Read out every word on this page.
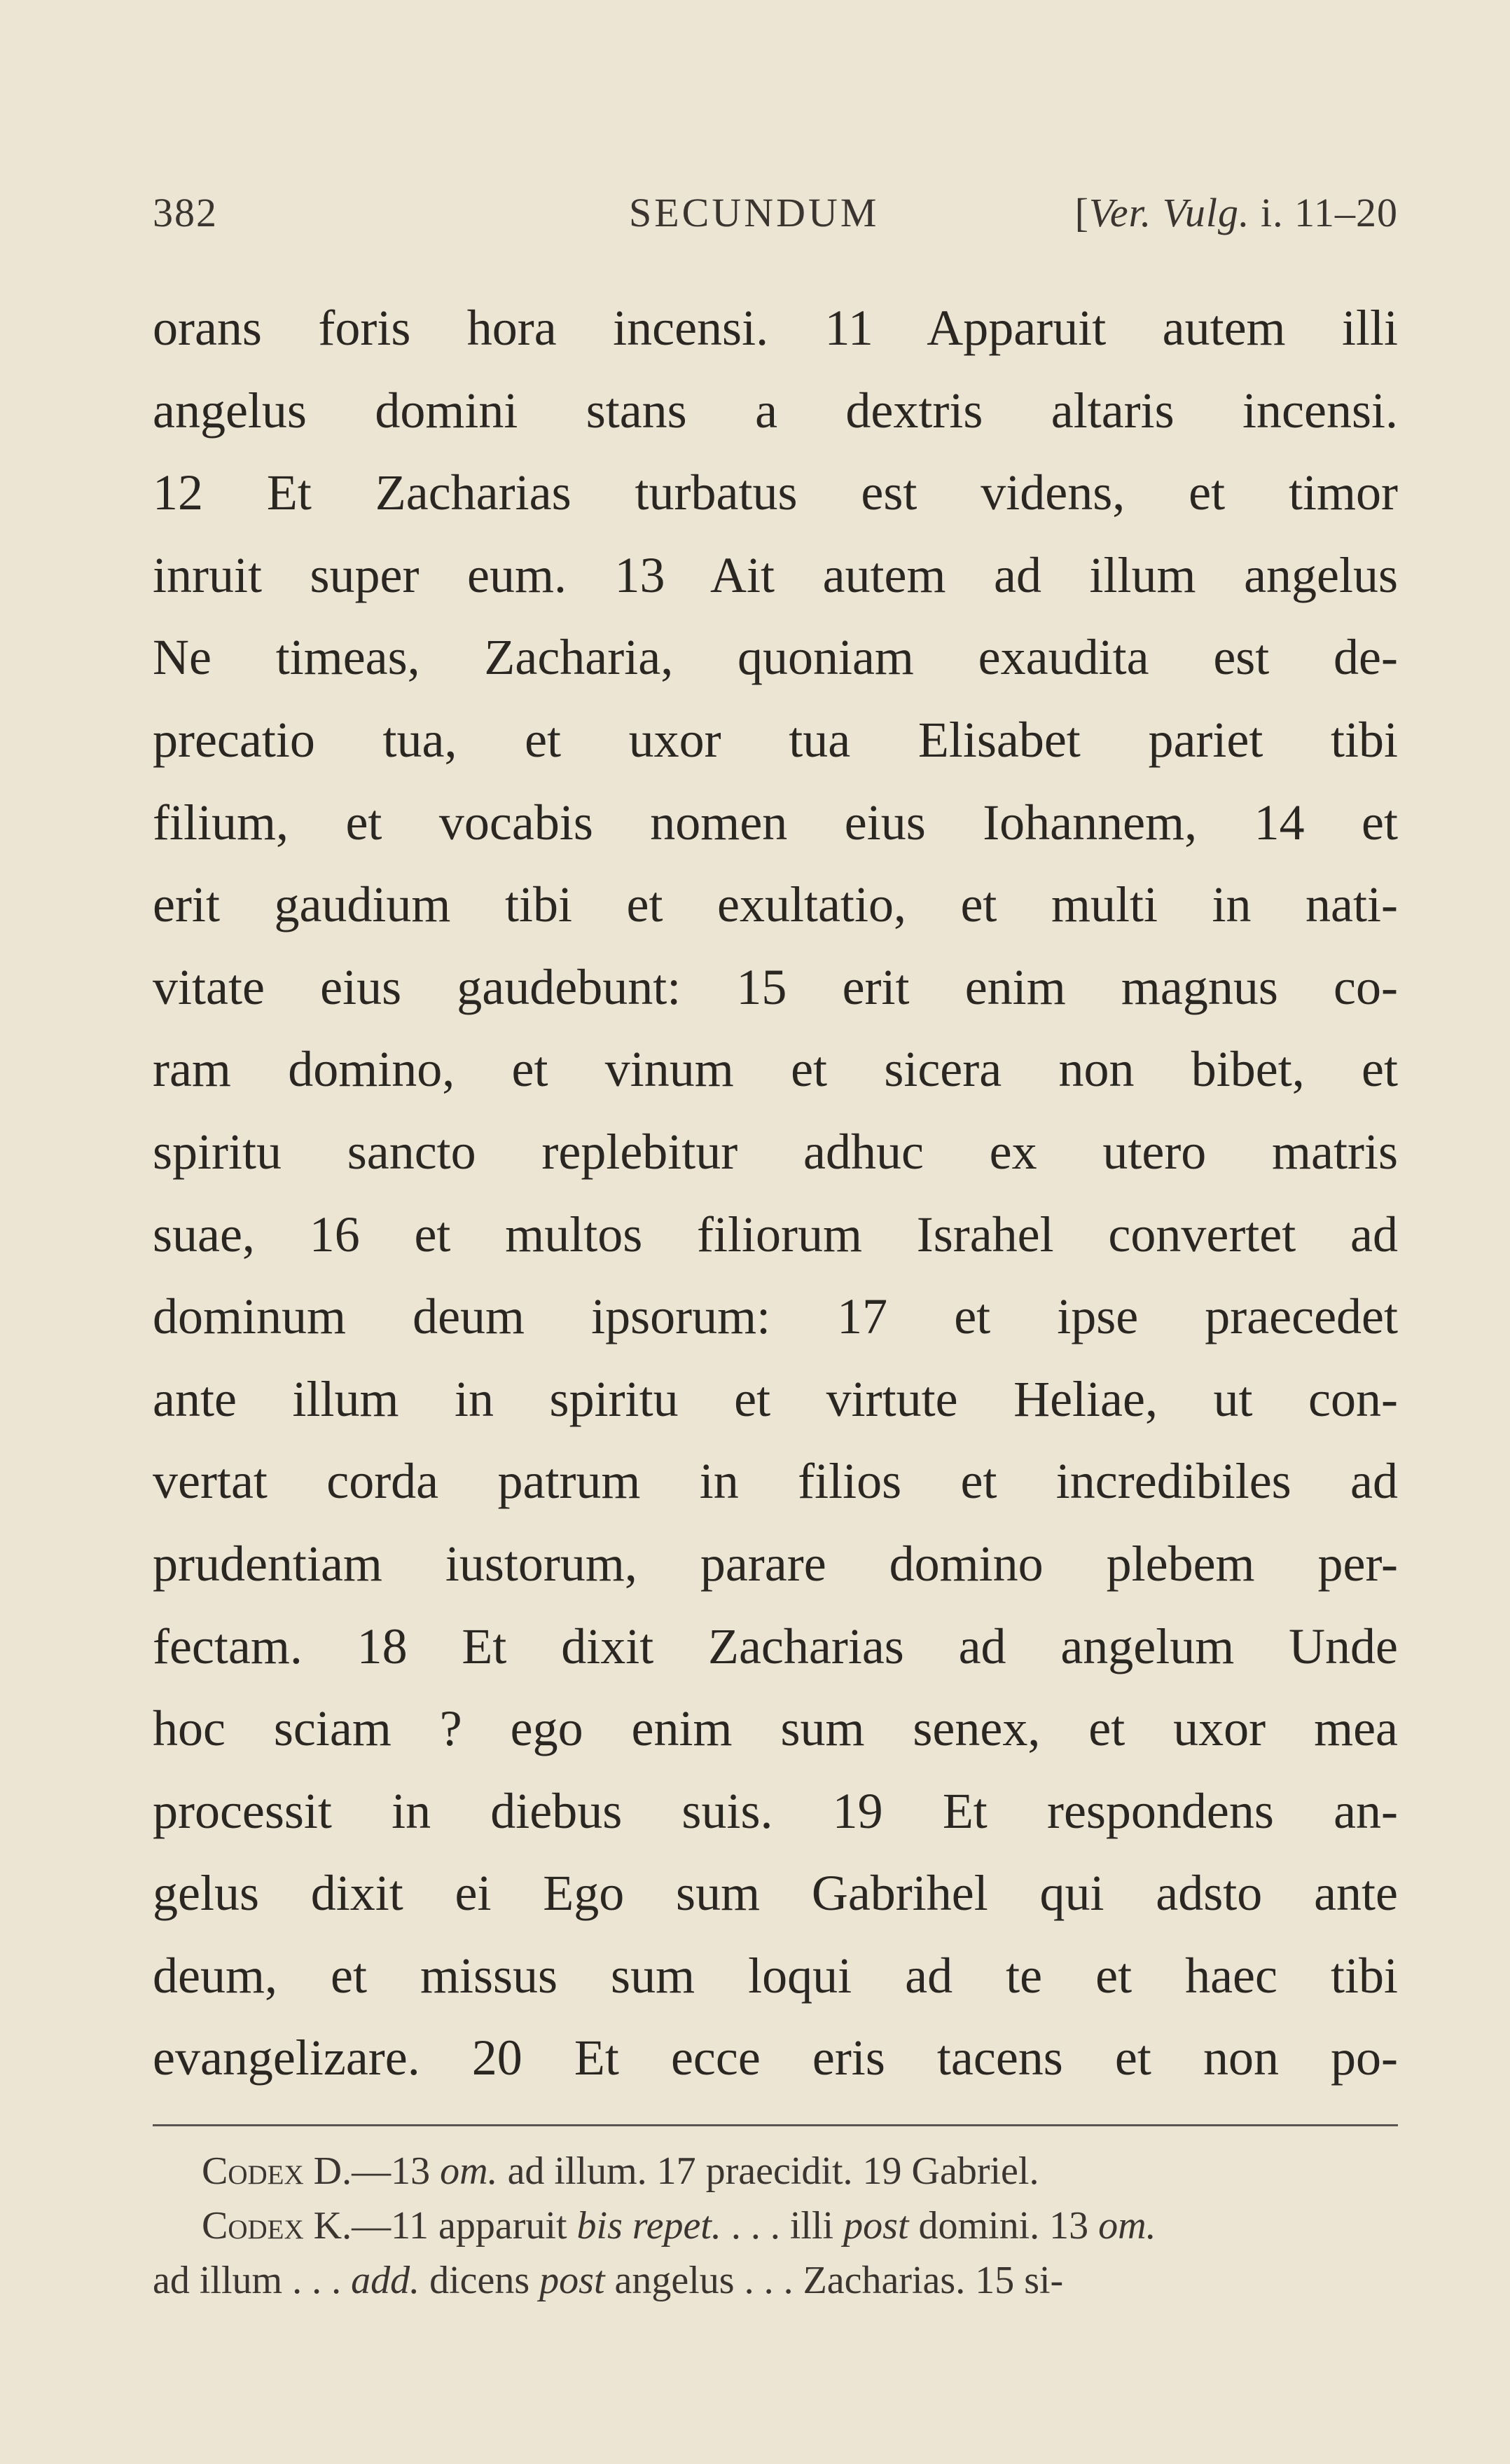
382	SECUNDUM	[Ver. Vulg. i. 11–20
orans foris hora incensi. 11 Apparuit autem illi
angelus domini stans a dextris altaris incensi.
12 Et Zacharias turbatus est videns, et timor
inruit super eum. 13 Ait autem ad illum angelus
Ne timeas, Zacharia, quoniam exaudita est de-
precatio tua, et uxor tua Elisabet pariet tibi
filium, et vocabis nomen eius Iohannem, 14 et
erit gaudium tibi et exultatio, et multi in nati-
vitate eius gaudebunt: 15 erit enim magnus co-
ram domino, et vinum et sicera non bibet, et
spiritu sancto replebitur adhuc ex utero matris
suae, 16 et multos filiorum Israhel convertet ad
dominum deum ipsorum: 17 et ipse praecedet
ante illum in spiritu et virtute Heliae, ut con-
vertat corda patrum in filios et incredibiles ad
prudentiam iustorum, parare domino plebem per-
fectam. 18 Et dixit Zacharias ad angelum Unde
hoc sciam ? ego enim sum senex, et uxor mea
processit in diebus suis. 19 Et respondens an-
gelus dixit ei Ego sum Gabrihel qui adsto ante
deum, et missus sum loqui ad te et haec tibi
evangelizare. 20 Et ecce eris tacens et non po-
Codex D.—13 om. ad illum. 17 praecidit. 19 Gabriel.
Codex K.—11 apparuit bis repet. . . . illi post domini. 13 om.
ad illum . . . add. dicens post angelus . . . Zacharias. 15 si-
